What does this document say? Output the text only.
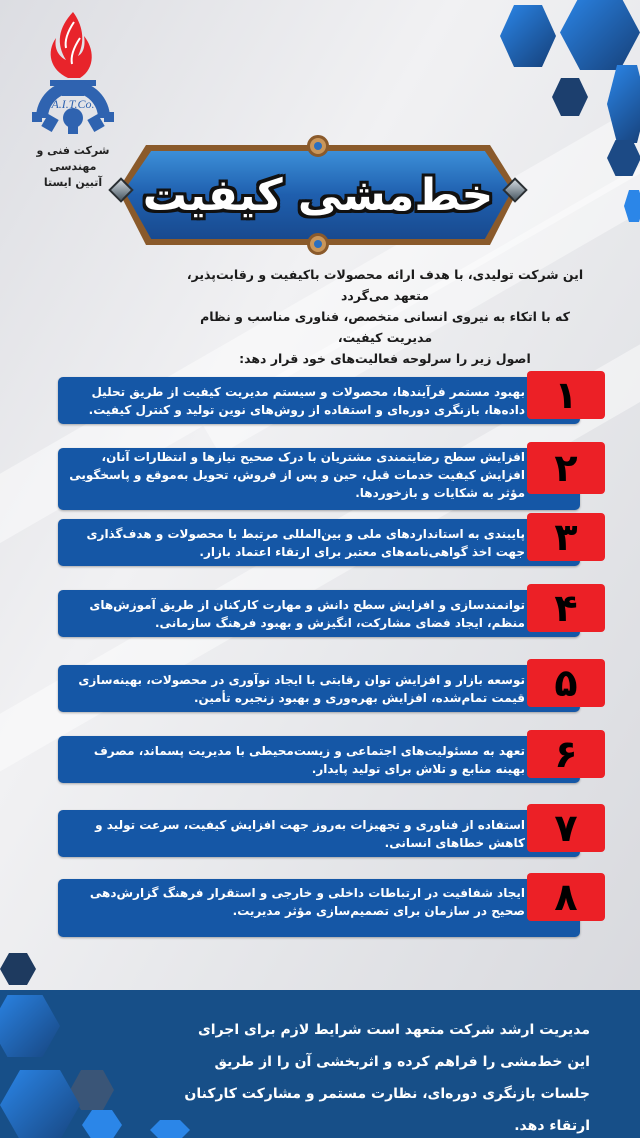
A.I.T.Co.
شرکت فنی و مهندسی
آتبین ایستا خط‌مشی کیفیت
این شرکت تولیدی، با هدف ارائه محصولات باکیفیت و رقابت‌پذیر، متعهد می‌گردد
که با اتکاء به نیروی انسانی متخصص، فناوری مناسب و نظام مدیریت کیفیت،
اصول زیر را سرلوحه فعالیت‌های خود قرار دهد:
بهبود مستمر فرآیندها، محصولات و سیستم مدیریت کیفیت از طریق تحلیل داده‌ها، بازنگری دوره‌ای و استفاده از روش‌های نوین تولید و کنترل کیفیت. ۱
افزایش سطح رضایتمندی مشتریان با درک صحیح نیازها و انتظارات آنان، افزایش کیفیت خدمات قبل، حین و پس از فروش، تحویل به‌موقع و پاسخگویی مؤثر به شکایات و بازخوردها.
۲
پایبندی به استانداردهای ملی و بین‌المللی مرتبط با محصولات و هدف‌گذاری جهت اخذ گواهی‌نامه‌های معتبر برای ارتقاء اعتماد بازار. ۳
توانمندسازی و افزایش سطح دانش و مهارت کارکنان از طریق آموزش‌های منظم، ایجاد فضای مشارکت، انگیزش و بهبود فرهنگ سازمانی. ۴
توسعه بازار و افزایش توان رقابتی با ایجاد نوآوری در محصولات، بهینه‌سازی قیمت تمام‌شده، افزایش بهره‌وری و بهبود زنجیره تأمین. ۵
تعهد به مسئولیت‌های اجتماعی و زیست‌محیطی با مدیریت پسماند، مصرف بهینه منابع و تلاش برای تولید پایدار. ۶
استفاده از فناوری و تجهیزات به‌روز جهت افزایش کیفیت، سرعت تولید و کاهش خطاهای انسانی. ۷
ایجاد شفافیت در ارتباطات داخلی و خارجی و استقرار فرهنگ گزارش‌دهی صحیح در سازمان برای تصمیم‌سازی مؤثر مدیریت. ۸
مدیریت ارشد شرکت متعهد است شرایط لازم برای اجرای این خط‌مشی را فراهم کرده و اثربخشی آن را از طریق جلسات بازنگری دوره‌ای، نظارت مستمر و مشارکت کارکنان ارتقاء دهد.
